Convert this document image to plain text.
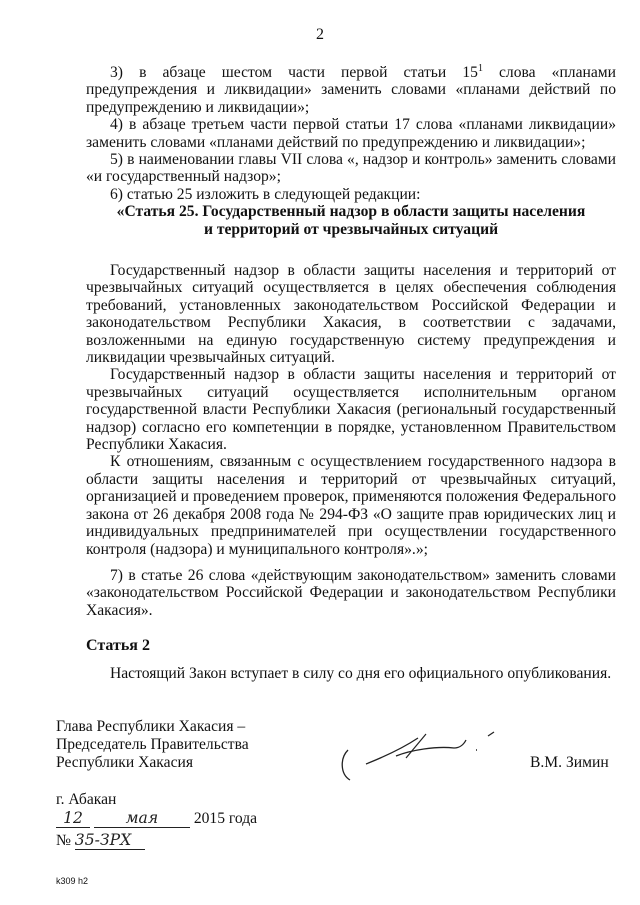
2

3) в абзаце шестом части первой статьи $15^1$ слова «планами предупреждения и ликвидации» заменить словами «планами действий по предупреждению и ликвидации»;

4) в абзаце третьем части первой статьи 17 слова «планами ликвидации» заменить словами «планами действий по предупреждению и ликвидации»;

5) в наименовании главы VII слова «, надзор и контроль» заменить словами «и государственный надзор»;

6) статью 25 изложить в следующей редакции:

«Статья 25. Государственный надзор в области защиты населения

и территорий от чрезвычайных ситуаций

Государственный надзор в области защиты населения и территорий от чрезвычайных ситуаций осуществляется в целях обеспечения соблюдения требований, установленных законодательством Российской Федерации и законодательством Республики Хакасия, в соответствии с задачами, возложенными на единую государственную систему предупреждения и ликвидации чрезвычайных ситуаций.

Государственный надзор в области защиты населения и территорий от чрезвычайных ситуаций осуществляется исполнительным органом государственной власти Республики Хакасия (региональный государственный надзор) согласно его компетенции в порядке, установленном Правительством Республики Хакасия.

К отношениям, связанным с осуществлением государственного надзора в области защиты населения и территорий от чрезвычайных ситуаций, организацией и проведением проверок, применяются положения Федерального закона от 26 декабря 2008 года № 294-ФЗ «О защите прав юридических лиц и индивидуальных предпринимателей при осуществлении государственного контроля (надзора) и муниципального контроля».»;

7) в статье 26 слова «действующим законодательством» заменить словами «законодательством Российской Федерации и законодательством Республики Хакасия».

Статья 2
Настоящий Закон вступает в силу со дня его официального опубликования.
Глава Республики Хакасия –
Председатель Правительства
Республики Хакасия	В.М. Зимин
г. Абакан
12	мая 2015 года
№ 35-ЗРХ
k309 h2
